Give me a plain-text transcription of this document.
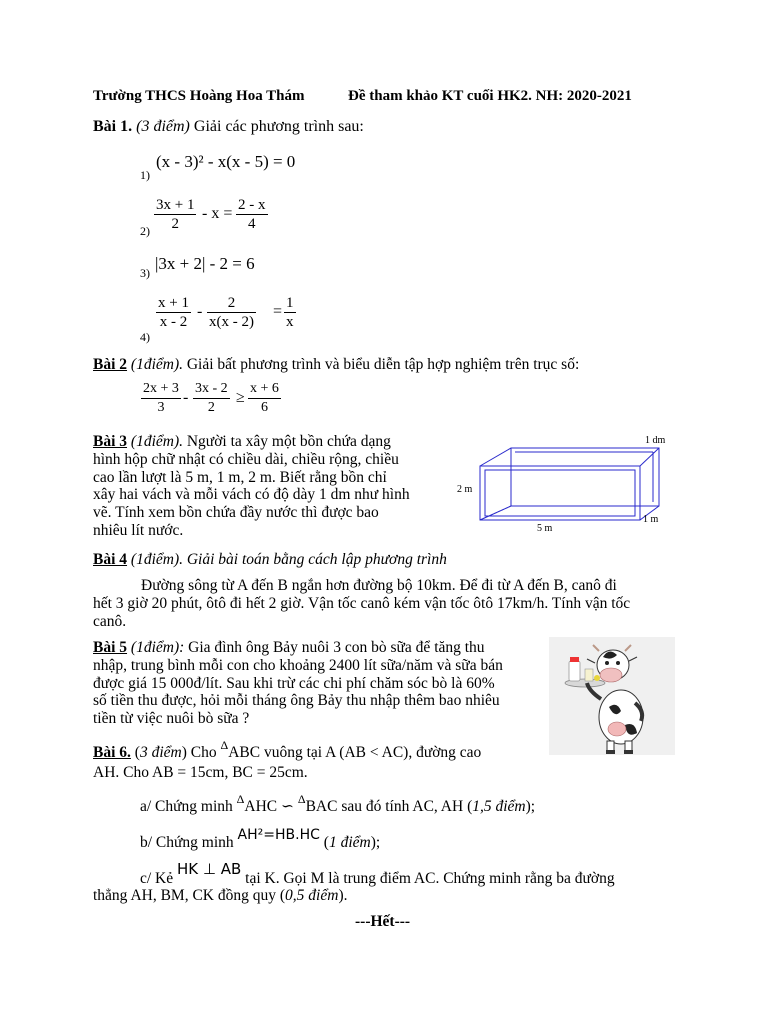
Trường THCS Hoàng Hoa Thám	Đề tham khảo KT cuối HK2. NH: 2020-2021
Bài 1. (3 điểm) Giải các phương trình sau:
1)
(x - 3)² - x(x - 5) = 0
$2) \frac{3x + 1}{2} - x = \frac{2 - x}{4}$
3) |3x + 2| - 2 = 6
4)
$\frac{x + 1}{x - 2} - \frac{2}{x(x - 2)} = \frac{1}{x}$
Bài 2 (1điểm). Giải bất phương trình và biểu diễn tập hợp nghiệm trên trục số:
$\frac{2x + 3}{3} - \frac{3x - 2}{2} \ge \frac{x + 6}{6}$
Bài 3 (1điểm). Người ta xây một bồn chứa dạng
hình hộp chữ nhật có chiều dài, chiều rộng, chiều
cao lần lượt là 5 m, 1 m, 2 m. Biết rằng bồn chỉ
xây hai vách và mỗi vách có độ dày 1 dm như hình
vẽ. Tính xem bồn chứa đầy nước thì được bao
nhiêu lít nước.
1 dm
2 m
1 m
5 m
Bài 4 (1điểm). Giải bài toán bằng cách lập phương trình
Đường sông từ A đến B ngắn hơn đường bộ 10km. Để đi từ A đến B, canô đi
hết 3 giờ 20 phút, ôtô đi hết 2 giờ. Vận tốc canô kém vận tốc ôtô 17km/h. Tính vận tốc
canô.
Bài 5 (1điểm): Gia đình ông Bảy nuôi 3 con bò sữa để tăng thu
nhập, trung bình mỗi con cho khoảng 2400 lít sữa/năm và sữa bán
được giá 15 000đ/lít. Sau khi trừ các chi phí chăm sóc bò là 60%
số tiền thu được, hỏi mỗi tháng ông Bảy thu nhập thêm bao nhiêu
tiền từ việc nuôi bò sữa ?
Bài 6. (3 điểm) Cho $^\Delta$ABC vuông tại A (AB < AC), đường cao
AH. Cho AB = 15cm, BC = 25cm.
a/ Chứng minh $^\Delta$AHC ∽ $^\Delta$BAC sau đó tính AC, AH (1,5 điểm);
b/ Chứng minh AH²=HB.HC (1 điểm);
c/ Kẻ HK ⊥ AB tại K. Gọi M là trung điểm AC. Chứng minh rằng ba đường
thẳng AH, BM, CK đồng quy (0,5 điểm).
---Hết---
